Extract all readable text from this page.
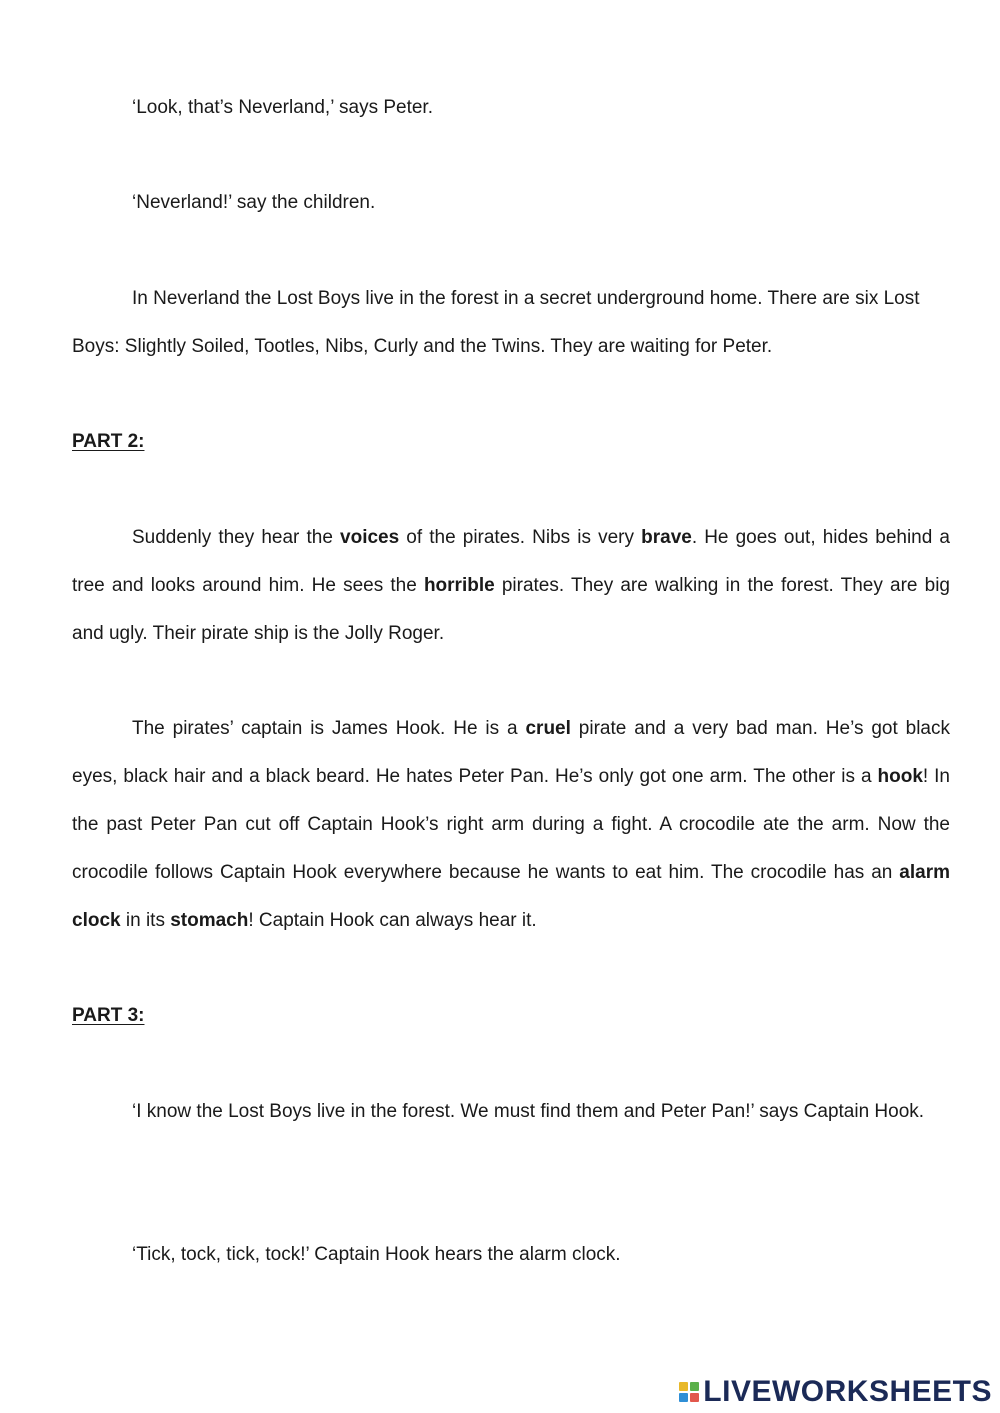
‘Look, that’s Neverland,’ says Peter.

‘Neverland!’ say the children.

In Neverland the Lost Boys live in the forest in a secret underground home. There are six Lost Boys: Slightly Soiled, Tootles, Nibs, Curly and the Twins. They are waiting for Peter.

PART 2:

Suddenly they hear the voices of the pirates. Nibs is very brave. He goes out, hides behind a tree and looks around him. He sees the horrible pirates. They are walking in the forest. They are big and ugly. Their pirate ship is the Jolly Roger.

The pirates’ captain is James Hook. He is a cruel pirate and a very bad man. He’s got black eyes, black hair and a black beard. He hates Peter Pan. He’s only got one arm. The other is a hook! In the past Peter Pan cut off Captain Hook’s right arm during a fight. A crocodile ate the arm. Now the crocodile follows Captain Hook everywhere because he wants to eat him. The crocodile has an alarm clock in its stomach! Captain Hook can always hear it.

PART 3:

‘I know the Lost Boys live in the forest. We must find them and Peter Pan!’ says Captain Hook.

‘Tick, tock, tick, tock!’ Captain Hook hears the alarm clock.

LIVEWORKSHEETS
